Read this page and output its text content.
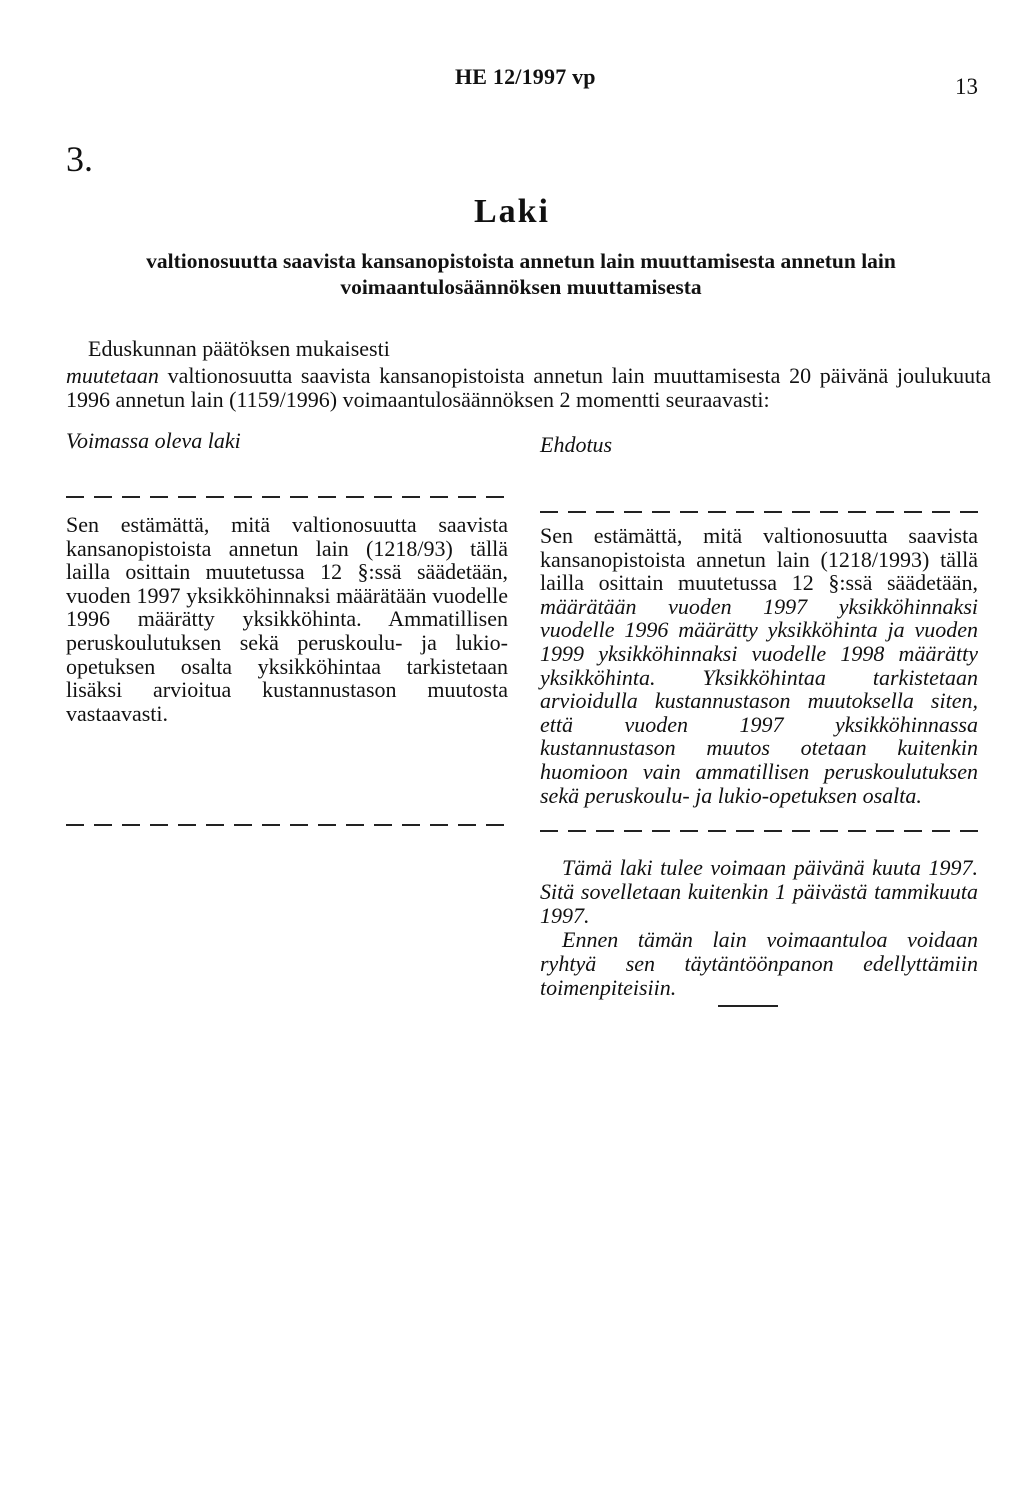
HE 12/1997 vp	13
3.
Laki
valtionosuutta saavista kansanopistoista annetun lain muuttamisesta annetun lain voimaantulosäännöksen muuttamisesta
Eduskunnan päätöksen mukaisesti
muutetaan valtionosuutta saavista kansanopistoista annetun lain muuttamisesta 20 päivänä joulukuuta 1996 annetun lain (1159/1996) voimaantulosäännöksen 2 momentti seuraavasti:
Voimassa oleva laki	Ehdotus
Sen estämättä, mitä valtionosuutta saavista kansanopistoista annetun lain (1218/93) tällä lailla osittain muutetussa 12 §:ssä säädetään, vuoden 1997 yksikköhinnaksi määrätään vuodelle 1996 määrätty yksikköhinta. Ammatillisen peruskoulutuksen sekä peruskoulu- ja lukio-opetuksen osalta yksikköhintaa tarkistetaan lisäksi arvioitua kustannustason muutosta vastaavasti.
Sen estämättä, mitä valtionosuutta saavista kansanopistoista annetun lain (1218/1993) tällä lailla osittain muutetussa 12 §:ssä säädetään, määrätään vuoden 1997 yksikköhinnaksi vuodelle 1996 määrätty yksikköhinta ja vuoden 1999 yksikköhinnaksi vuodelle 1998 määrätty yksikköhinta. Yksikköhintaa tarkistetaan arvioidulla kustannustason muutoksella siten, että vuoden 1997 yksikköhinnassa kustannustason muutos otetaan kuitenkin huomioon vain ammatillisen peruskoulutuksen sekä peruskoulu- ja lukio-opetuksen osalta.

Tämä laki tulee voimaan päivänä kuuta 1997. Sitä sovelletaan kuitenkin 1 päivästä tammikuuta 1997.

Ennen tämän lain voimaantuloa voidaan ryhtyä sen täytäntöönpanon edellyttämiin toimenpiteisiin.
